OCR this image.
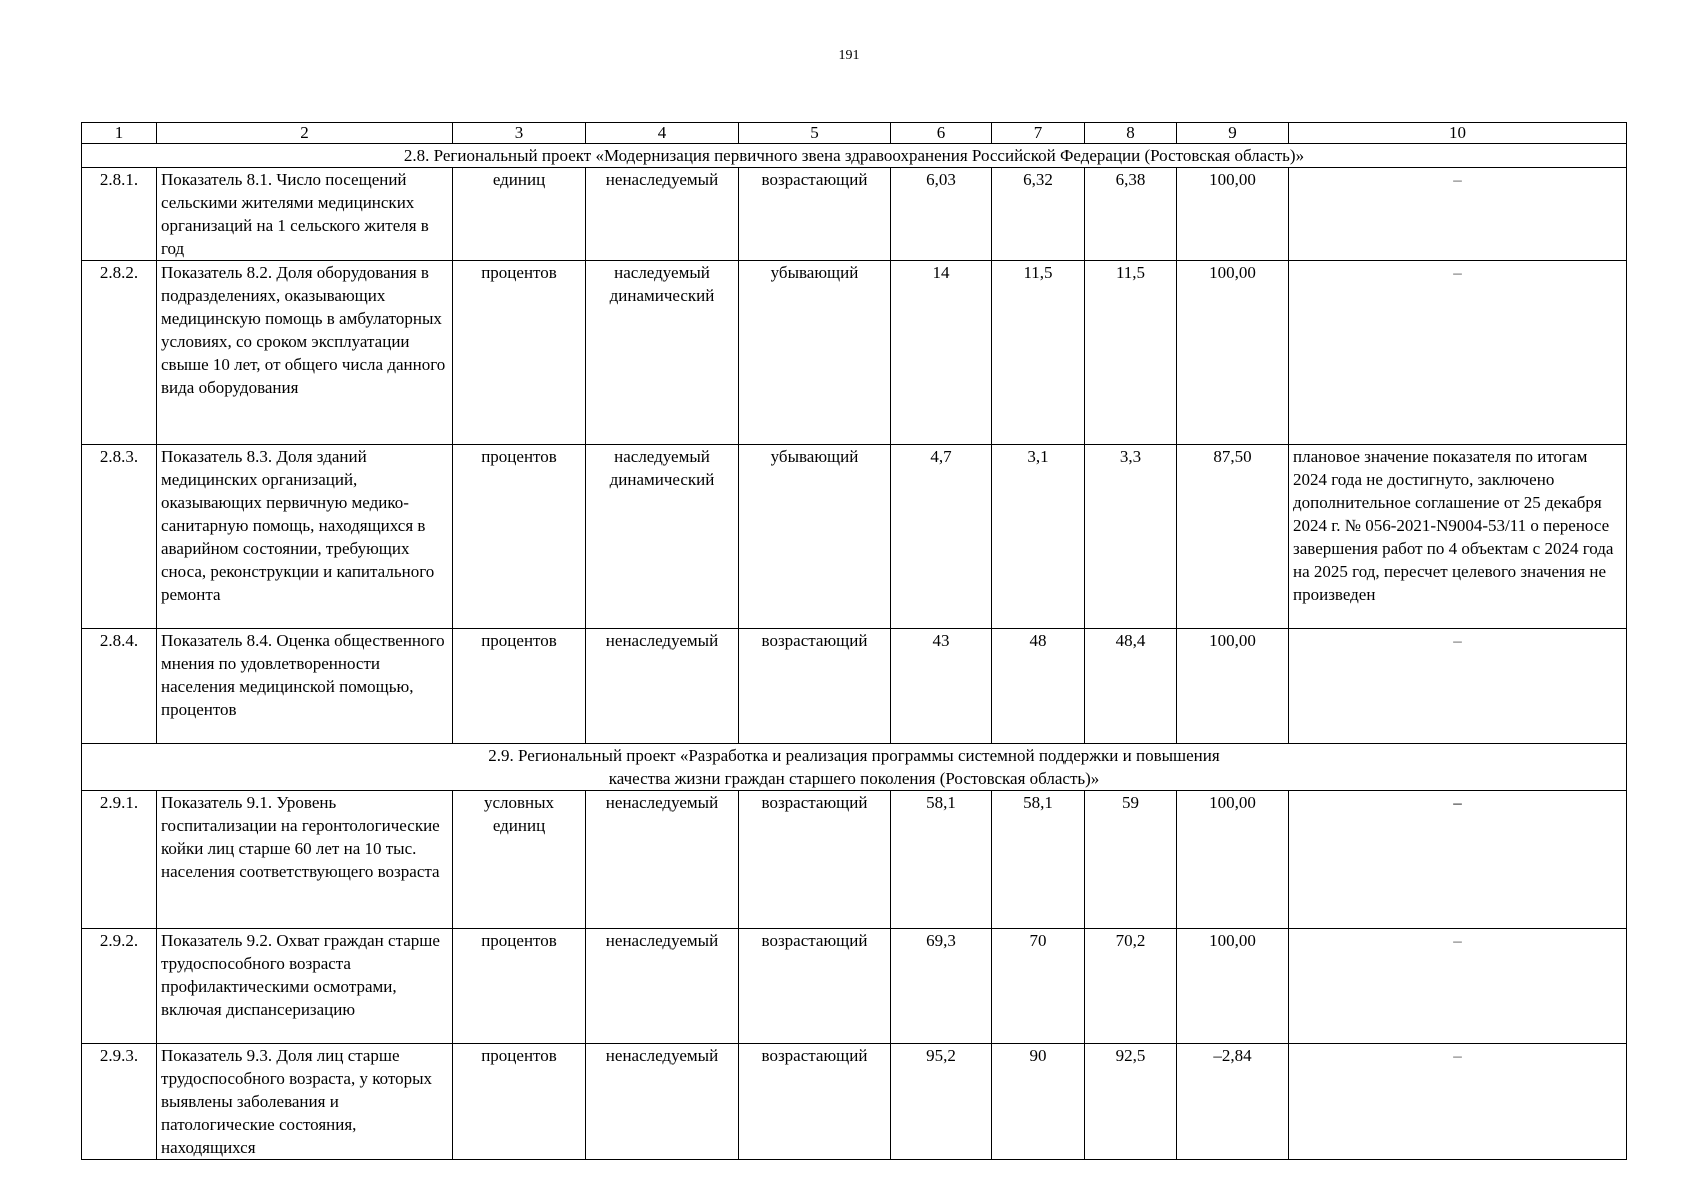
191
1	2	3	4	5	6	7	8	9	10
2.8. Региональный проект «Модернизация первичного звена здравоохранения Российской Федерации (Ростовская область)»									
2.8.1.	Показатель 8.1. Число посещений сельскими жителями медицинских организаций на 1 сельского жителя в год	единиц	ненаследуемый	возрастающий	6,03	6,32	6,38	100,00	–
2.8.2.	Показатель 8.2. Доля оборудования в подразделениях, оказывающих медицинскую помощь в амбулаторных условиях, со сроком эксплуатации свыше 10 лет, от общего числа данного вида оборудования	процентов	наследуемый динамический	убывающий	14	11,5	11,5	100,00	–
2.8.3.	Показатель 8.3. Доля зданий медицинских организаций, оказывающих первичную медико-санитарную помощь, находящихся в аварийном состоянии, требующих сноса, реконструкции и капитального ремонта	процентов	наследуемый динамический	убывающий	4,7	3,1	3,3	87,50	плановое значение показателя по итогам 2024 года не достигнуто, заключено дополнительное соглашение от 25 декабря 2024 г. № 056-2021-N9004-53/11 о переносе завершения работ по 4 объектам с 2024 года на 2025 год, пересчет целевого значения не произведен
2.8.4.	Показатель 8.4. Оценка общественного мнения по удовлетворенности населения медицинской помощью, процентов	процентов	ненаследуемый	возрастающий	43	48	48,4	100,00	–
2.9. Региональный проект «Разработка и реализация программы системной поддержки и повышения качества жизни граждан старшего поколения (Ростовская область)»									
2.9.1.	Показатель 9.1. Уровень госпитализации на геронтологические койки лиц старше 60 лет на 10 тыс. населения соответствующего возраста	условных единиц	ненаследуемый	возрастающий	58,1	58,1	59	100,00	–
2.9.2.	Показатель 9.2. Охват граждан старше трудоспособного возраста профилактическими осмотрами, включая диспансеризацию	процентов	ненаследуемый	возрастающий	69,3	70	70,2	100,00	–
2.9.3.	Показатель 9.3. Доля лиц старше трудоспособного возраста, у которых выявлены заболевания и патологические состояния, находящихся	процентов	ненаследуемый	возрастающий	95,2	90	92,5	–2,84	–
